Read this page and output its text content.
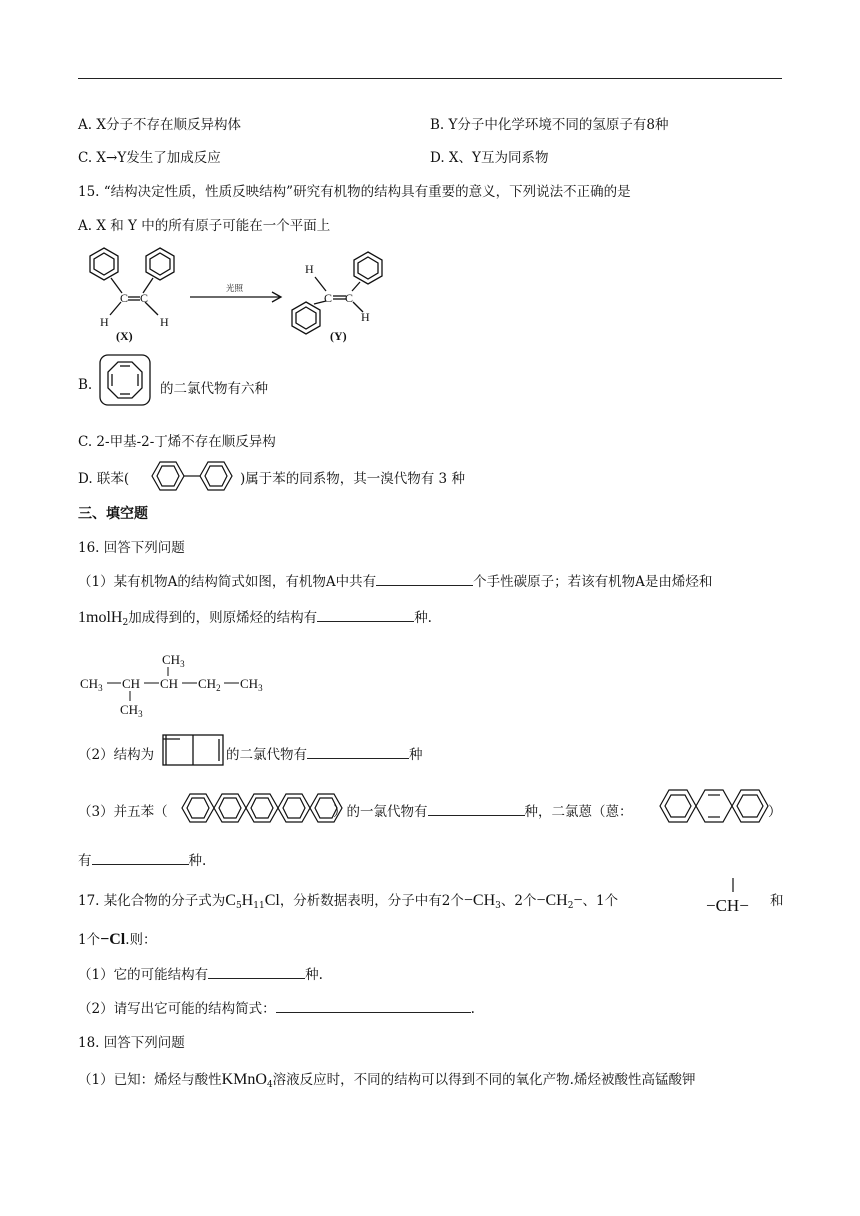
A. X分子不存在顺反异构体	B. Y分子中化学环境不同的氢原子有8种
C. X→Y发生了加成反应	D. X、Y互为同系物
15. “结构决定性质，性质反映结构”研究有机物的结构具有重要的意义，下列说法不正确的是
A. X 和 Y 中的所有原子可能在一个平面上
C C
H	H
(X)
光照
H
C C
H
(Y)
B.	的二氯代物有六种
C. 2-甲基-2-丁烯不存在顺反异构
D. 联苯(	)属于苯的同系物，其一溴代物有 3 种
三、填空题
16. 回答下列问题
（1）某有机物A的结构简式如图，有机物A中共有	个手性碳原子；若该有机物A是由烯烃和
1molH$_2$加成得到的，则原烯烃的结构有	种.
$CH_3$ CH
$CH_3$
CH $CH_2$ $CH_3$
$CH_3$
（2）结构为	的二氯代物有	种
（3）并五苯（	）的一氯代物有	种，二氯蒽（蒽：	）
有	种.
17. 某化合物的分子式为$C_5H_{11}Cl$，分析数据表明，分子中有2个$-CH_3$、2个$-CH_2-$、1个	−CH− 和
1个−Cl.则：
（1）它的可能结构有	种.
（2）请写出它可能的结构简式：	.
18. 回答下列问题
（1）已知：烯烃与酸性KMnO$_4$溶液反应时，不同的结构可以得到不同的氧化产物.烯烃被酸性高锰酸钾
